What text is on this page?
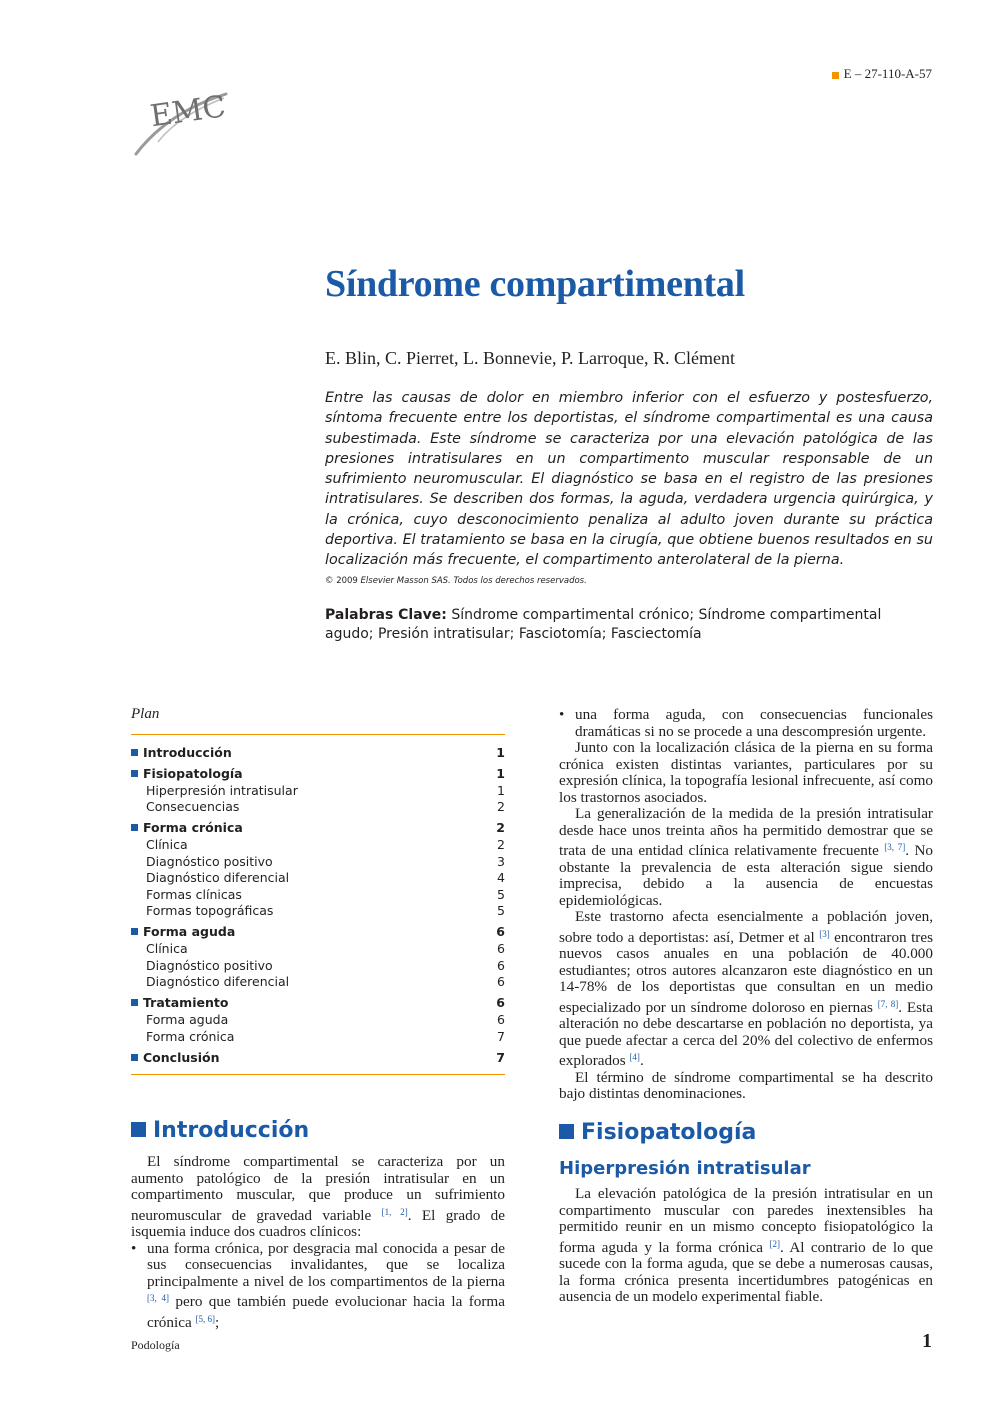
E – 27-110-A-57
EMC
Síndrome compartimental
E. Blin, C. Pierret, L. Bonnevie, P. Larroque, R. Clément
Entre las causas de dolor en miembro inferior con el esfuerzo y postesfuerzo, síntoma frecuente entre los deportistas, el síndrome compartimental es una causa subestimada. Este síndrome se caracteriza por una elevación patológica de las presiones intratisulares en un compartimento muscular responsable de un sufrimiento neuromuscular. El diagnóstico se basa en el registro de las presiones intratisulares. Se describen dos formas, la aguda, verdadera urgencia quirúrgica, y la crónica, cuyo desconocimiento penaliza al adulto joven durante su práctica deportiva. El tratamiento se basa en la cirugía, que obtiene buenos resultados en su localización más frecuente, el compartimento anterolateral de la pierna.
© 2009 Elsevier Masson SAS. Todos los derechos reservados.
Palabras Clave: Síndrome compartimental crónico; Síndrome compartimental agudo; Presión intratisular; Fasciotomía; Fasciectomía
Plan
Introducción	1
Fisiopatología	1
Hiperpresión intratisular	1
Consecuencias	2
Forma crónica	2
Clínica	2
Diagnóstico positivo	3
Diagnóstico diferencial	4
Formas clínicas	5
Formas topográficas	5
Forma aguda	6
Clínica	6
Diagnóstico positivo	6
Diagnóstico diferencial	6
Tratamiento	6
Forma aguda	6
Forma crónica	7
Conclusión	7
Introducción

El síndrome compartimental se caracteriza por un aumento patológico de la presión intratisular en un compartimento muscular, que produce un sufrimiento neuromuscular de gravedad variable [1, 2]. El grado de isquemia induce dos cuadros clínicos:

• una forma crónica, por desgracia mal conocida a pesar de sus consecuencias invalidantes, que se localiza principalmente a nivel de los compartimentos de la pierna [3, 4] pero que también puede evolucionar hacia la forma crónica [5, 6];
• una forma aguda, con consecuencias funcionales dramáticas si no se procede a una descompresión urgente.

Junto con la localización clásica de la pierna en su forma crónica existen distintas variantes, particulares por su expresión clínica, la topografía lesional infrecuente, así como los trastornos asociados.

La generalización de la medida de la presión intratisular desde hace unos treinta años ha permitido demostrar que se trata de una entidad clínica relativamente frecuente [3, 7]. No obstante la prevalencia de esta alteración sigue siendo imprecisa, debido a la ausencia de encuestas epidemiológicas.

Este trastorno afecta esencialmente a población joven, sobre todo a deportistas: así, Detmer et al [3] encontraron tres nuevos casos anuales en una población de 40.000 estudiantes; otros autores alcanzaron este diagnóstico en un 14-78% de los deportistas que consultan en un medio especializado por un síndrome doloroso en piernas [7, 8]. Esta alteración no debe descartarse en población no deportista, ya que puede afectar a cerca del 20% del colectivo de enfermos explorados [4].

El término de síndrome compartimental se ha descrito bajo distintas denominaciones.

Fisiopatología
Hiperpresión intratisular

La elevación patológica de la presión intratisular en un compartimento muscular con paredes inextensibles ha permitido reunir en un mismo concepto fisiopatológico la forma aguda y la forma crónica [2]. Al contrario de lo que sucede con la forma aguda, que se debe a numerosas causas, la forma crónica presenta incertidumbres patogénicas en ausencia de un modelo experimental fiable.

Podología	1
